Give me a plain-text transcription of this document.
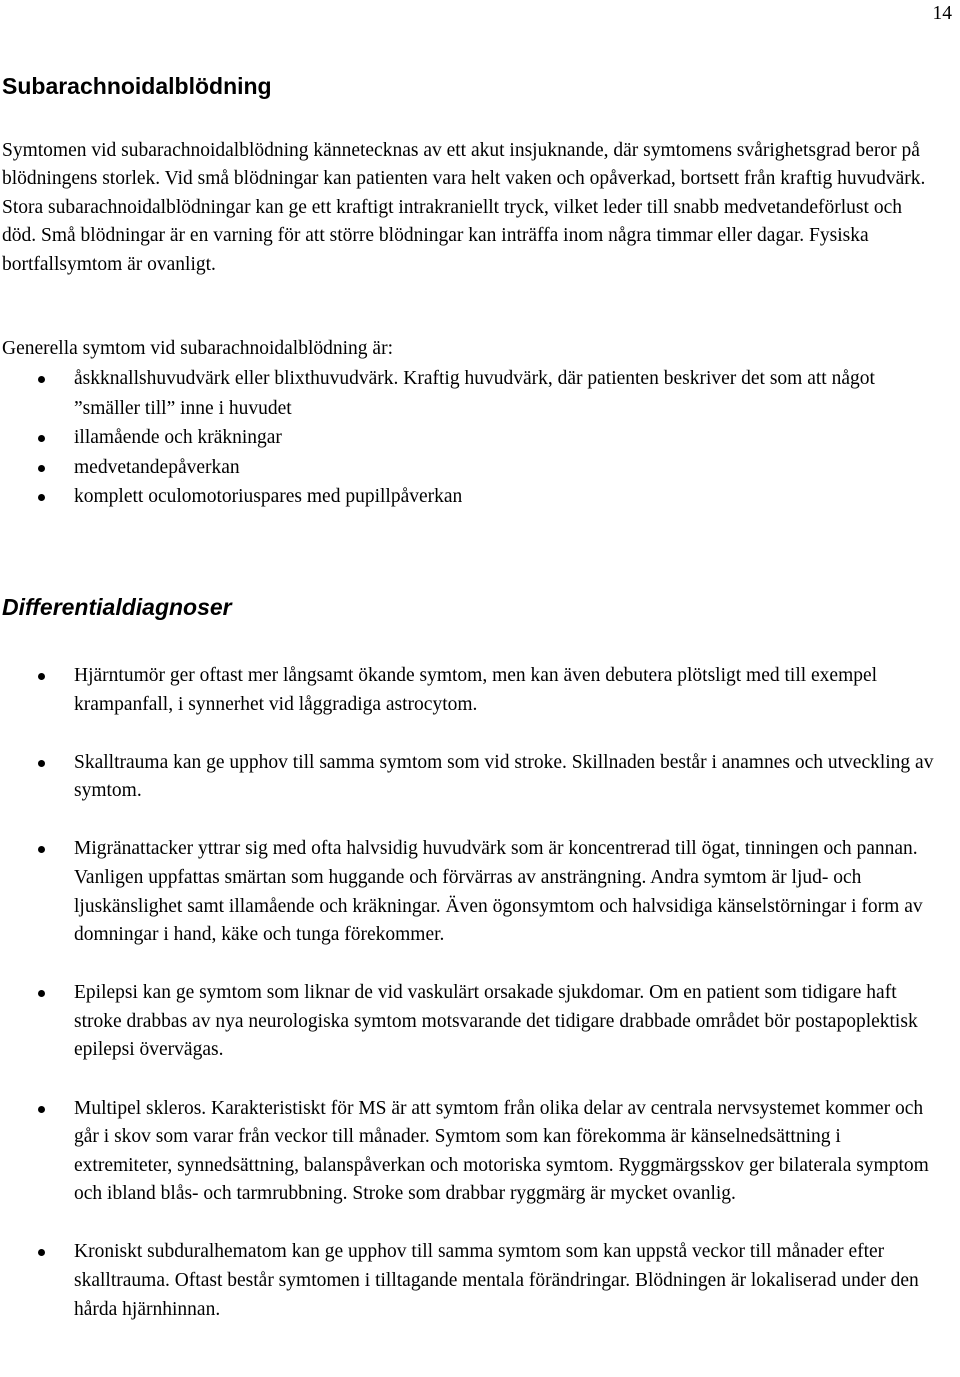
14
Subarachnoidalblödning

Symtomen vid subarachnoidalblödning kännetecknas av ett akut insjuknande, där symtomens svårighetsgrad beror på blödningens storlek. Vid små blödningar kan patienten vara helt vaken och opåverkad, bortsett från kraftig huvudvärk. Stora subarachnoidalblödningar kan ge ett kraftigt intrakraniellt tryck, vilket leder till snabb medvetandeförlust och död. Små blödningar är en varning för att större blödningar kan inträffa inom några timmar eller dagar. Fysiska bortfallsymtom är ovanligt.

Generella symtom vid subarachnoidalblödning är:

åskknallshuvudvärk eller blixthuvudvärk. Kraftig huvudvärk, där patienten beskriver det som att något ”smäller till” inne i huvudet
illamående och kräkningar
medvetandepåverkan
komplett oculomotoriuspares med pupillpåverkan
Differentialdiagnoser
Hjärntumör ger oftast mer långsamt ökande symtom, men kan även debutera plötsligt med till exempel krampanfall, i synnerhet vid låggradiga astrocytom.
Skalltrauma kan ge upphov till samma symtom som vid stroke. Skillnaden består i anamnes och utveckling av symtom.
Migränattacker yttrar sig med ofta halvsidig huvudvärk som är koncentrerad till ögat, tinningen och pannan. Vanligen uppfattas smärtan som huggande och förvärras av ansträngning. Andra symtom är ljud- och ljuskänslighet samt illamående och kräkningar. Även ögonsymtom och halvsidiga känselstörningar i form av domningar i hand, käke och tunga förekommer.
Epilepsi kan ge symtom som liknar de vid vaskulärt orsakade sjukdomar. Om en patient som tidigare haft stroke drabbas av nya neurologiska symtom motsvarande det tidigare drabbade området bör postapoplektisk epilepsi övervägas.
Multipel skleros. Karakteristiskt för MS är att symtom från olika delar av centrala nervsystemet kommer och går i skov som varar från veckor till månader. Symtom som kan förekomma är känselnedsättning i extremiteter, synnedsättning, balanspåverkan och motoriska symtom. Ryggmärgsskov ger bilaterala symptom och ibland blås- och tarmrubbning. Stroke som drabbar ryggmärg är mycket ovanlig.
Kroniskt subduralhematom kan ge upphov till samma symtom som kan uppstå veckor till månader efter skalltrauma. Oftast består symtomen i tilltagande mentala förändringar. Blödningen är lokaliserad under den hårda hjärnhinnan.
